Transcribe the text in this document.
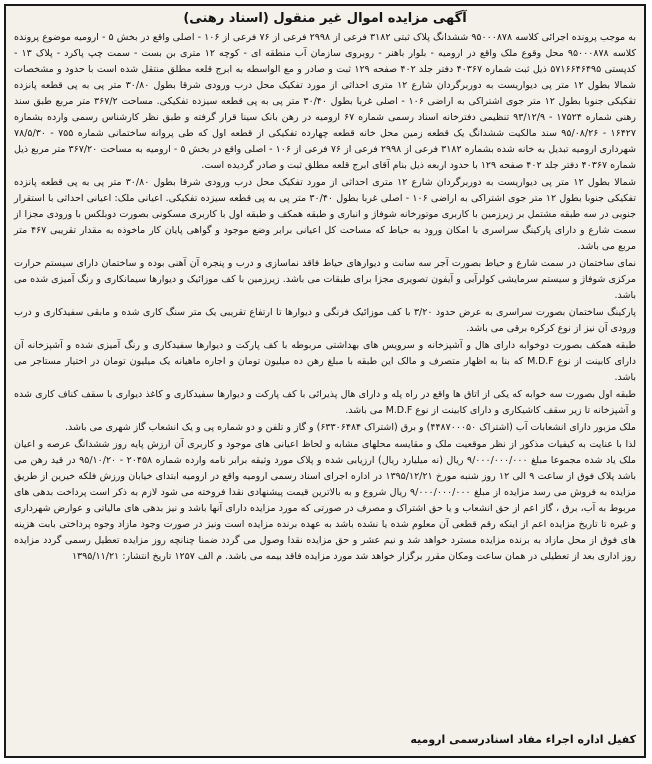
آگهی مزایده اموال غیر منقول (اسناد رهنی)

به موجب پرونده اجرائی کلاسه ۹۵۰۰۰۸۷۸ ششدانگ پلاک ثبتی ۳۱۸۲ فرعی از ۲۹۹۸ فرعی از ۷۶ فرعی از ۱۰۶ - اصلی واقع در بخش ۵ - ارومیه موضوع پرونده کلاسه ۹۵۰۰۰۸۷۸ محل وقوع ملک واقع در ارومیه - بلوار باهنر - روبروی سازمان آب منطقه ای - کوچه ۱۲ متری بن بست - سمت چپ پاکرد - پلاک ۱۳ - کدپستی ۵۷۱۶۶۴۶۴۹۵ ذیل ثبت شماره ۴۰۳۶۷ دفتر جلد ۴۰۲ صفحه ۱۲۹ ثبت و صادر و مع الواسطه به ابرج قلعه مطلق منتقل شده است با حدود و مشخصات شمالا بطول ۱۲ متر پی دیواریست به دوربرگردان شارع ۱۲ متری احداثی از مورد تفکیک محل درب ورودی شرقا بطول ۳۰/۸۰ متر پی به پی قطعه پانزده تفکیکی جنوبا بطول ۱۲ متر جوی اشتراکی به اراضی ۱۰۶ - اصلی غربا بطول ۳۰/۴۰ متر پی به پی قطعه سیزده تفکیکی. مساحت ۳۶۷/۲ متر مربع طبق سند رهنی شماره ۱۷۵۲۴ - ۹۳/۱۲/۹ تنظیمی دفترخانه اسناد رسمی شماره ۶۷ ارومیه در رهن بانک سینا قرار گرفته و طبق نظر کارشناس رسمی وارده بشماره ۱۶۴۲۷ - ۹۵/۰۸/۲۶ سند مالکیت ششدانگ یک قطعه زمین محل خانه قطعه چهارده تفکیکی از قطعه اول که طی پروانه ساختمانی شماره ۷۵۵ - ۷۸/۵/۳۰ شهرداری ارومیه تبدیل به خانه شده بشماره ۳۱۸۲ فرعی از ۲۹۹۸ فرعی از ۷۶ فرعی از ۱۰۶ - اصلی واقع در بخش ۵ - ارومیه به مساحت ۳۶۷/۲۰ متر مربع ذیل شماره ۴۰۳۶۷ دفتر جلد ۴۰۲ صفحه ۱۲۹ با حدود اربعه ذیل بنام آقای ابرج قلعه مطلق ثبت و صادر گردیده است.

شمالا بطول ۱۲ متر پی دیواریست به دوربرگردان شارع ۱۲ متری احداثی از مورد تفکیک محل درب ورودی شرقا بطول ۳۰/۸۰ متر پی به پی قطعه پانزده تفکیکی جنوبا بطول ۱۲ متر جوی اشتراکی به اراضی ۱۰۶ - اصلی غربا بطول ۳۰/۴۰ متر پی به پی قطعه سیزده تفکیکی. اعیانی ملک: اعیانی احداثی با استقرار جنوبی در سه طبقه مشتمل بر زیرزمین با کاربری موتورخانه شوفاژ و انباری و طبقه همکف و طبقه اول با کاربری مسکونی بصورت دوبلکس با ورودی مجزا از سمت شارع و دارای پارکینگ سراسری با امکان ورود به حیاط که مساحت کل اعیانی برابر وضع موجود و گواهی پایان کار ماخوذه به مقدار تقریبی ۴۶۷ متر مربع می باشد.

نمای ساختمان در سمت شارع و حیاط بصورت آجر سه سانت و دیوارهای حیاط فاقد نماسازی و درب و پنجره آن آهنی بوده و ساختمان دارای سیستم حرارت مرکزی شوفاژ و سیستم سرمایشی کولرآبی و آیفون تصویری مجزا برای طبقات می باشد. زیرزمین با کف موزائیک و دیوارها سیمانکاری و رنگ آمیزی شده می باشد.

پارکینگ ساختمان بصورت سراسری به عرض حدود ۳/۲۰ با کف موزائیک فرنگی و دیوارها تا ارتفاع تقریبی یک متر سنگ کاری شده و مابقی سفیدکاری و درب ورودی آن نیز از نوع کرکره برقی می باشد.

طبقه همکف بصورت دوخوابه دارای هال و آشپزخانه و سرویس های بهداشتی مربوطه با کف پارکت و دیوارها سفیدکاری و رنگ آمیزی شده و آشپزخانه آن دارای کابینت از نوع M.D.F که بنا به اظهار متصرف و مالک این طبقه با مبلغ رهن ده میلیون تومان و اجاره ماهیانه یک میلیون تومان در اختیار مستاجر می باشد.

طبقه اول بصورت سه خوابه که یکی از اتاق ها واقع در راه پله و دارای هال پذیرائی با کف پارکت و دیوارها سفیدکاری و کاغذ دیواری با سقف کناف کاری شده و آشپزخانه تا زیر سقف کاشیکاری و دارای کابینت از نوع M.D.F می باشد.

ملک مزبور دارای انشعابات آب (اشتراک ۴۴۸۷۰۰۰۵۰) و برق (اشتراک ۶۳۳۰۶۴۸۴) و گاز و تلفن و دو شماره پی و یک انشعاب گاز شهری می باشد.

لذا با عنایت به کیفیات مذکور از نظر موقعیت ملک و مقایسه محلهای مشابه و لحاظ اعیانی های موجود و کاربری آن ارزش پایه روز ششدانگ عرصه و اعیان ملک یاد شده مجموعا مبلغ ۹/۰۰۰/۰۰۰/۰۰۰ ریال (نه میلیارد ریال) ارزیابی شده و پلاک مورد وثیقه برابر نامه وارده شماره ۲۰۴۵۸ - ۹۵/۱۰/۲۰ در قید رهن می باشد پلاک فوق از ساعت ۹ الی ۱۲ روز شنبه مورخ ۱۳۹۵/۱۲/۲۱ در اداره اجرای اسناد رسمی ارومیه واقع در ارومیه ابتدای خیابان ورزش فلکه خیرین از طریق مزایده به فروش می رسد مزایده از مبلغ ۹/۰۰۰/۰۰۰/۰۰۰ ریال شروع و به بالاترین قیمت پیشنهادی نقدا فروخته می شود لازم به ذکر است پرداخت بدهی های مربوط به آب، برق ، گاز اعم از حق انشعاب و یا حق اشتراک و مصرف در صورتی که مورد مزایده دارای آنها باشد و نیز بدهی های مالیاتی و عوارض شهرداری و غیره تا تاریخ مزایده اعم از اینکه رقم قطعی آن معلوم شده یا نشده باشد به عهده برنده مزایده است ونیز در صورت وجود مازاد وجوه پرداختی بابت هزینه های فوق از محل مازاد به برنده مزایده مسترد خواهد شد و نیم عشر و حق مزایده نقدا وصول می گردد ضمنا چنانچه روز مزایده تعطیل رسمی گردد مزایده روز اداری بعد از تعطیلی در همان ساعت ومکان مقرر برگزار خواهد شد مورد مزایده فاقد بیمه می باشد. م الف ۱۲۵۷ تاریخ انتشار: ۱۳۹۵/۱۱/۲۱

کفیل اداره اجراء مفاد اسنادرسمی ارومیه
